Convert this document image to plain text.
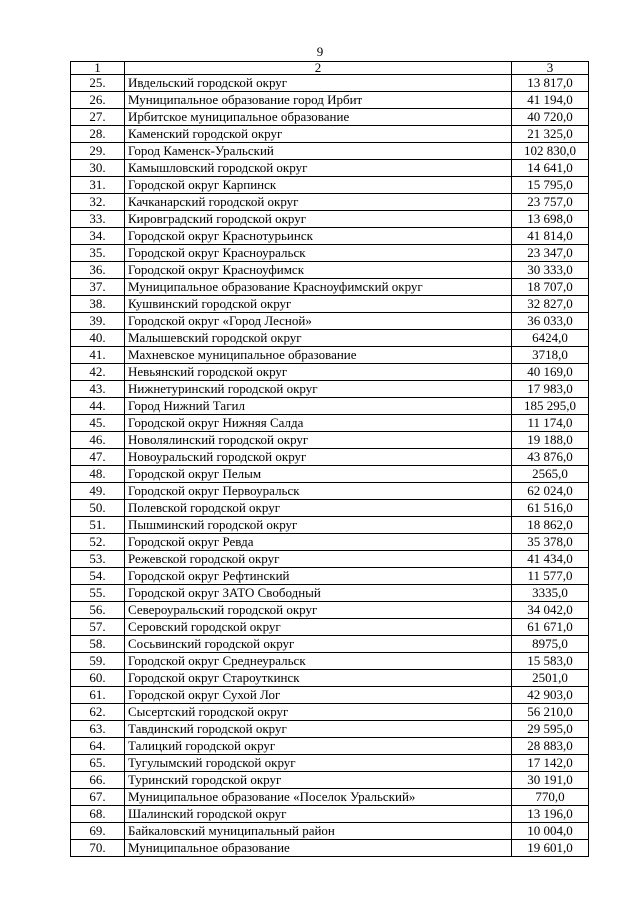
9
1	2	3
25.	Ивдельский городской округ	13 817,0
26.	Муниципальное образование город Ирбит	41 194,0
27.	Ирбитское муниципальное образование	40 720,0
28.	Каменский городской округ	21 325,0
29.	Город Каменск-Уральский	102 830,0
30.	Камышловский городской округ	14 641,0
31.	Городской округ Карпинск	15 795,0
32.	Качканарский городской округ	23 757,0
33.	Кировградский городской округ	13 698,0
34.	Городской округ Краснотурьинск	41 814,0
35.	Городской округ Красноуральск	23 347,0
36.	Городской округ Красноуфимск	30 333,0
37.	Муниципальное образование Красноуфимский округ	18 707,0
38.	Кушвинский городской округ	32 827,0
39.	Городской округ «Город Лесной»	36 033,0
40.	Малышевский городской округ	6424,0
41.	Махневское муниципальное образование	3718,0
42.	Невьянский городской округ	40 169,0
43.	Нижнетуринский городской округ	17 983,0
44.	Город Нижний Тагил	185 295,0
45.	Городской округ Нижняя Салда	11 174,0
46.	Новолялинский городской округ	19 188,0
47.	Новоуральский городской округ	43 876,0
48.	Городской округ Пелым	2565,0
49.	Городской округ Первоуральск	62 024,0
50.	Полевской городской округ	61 516,0
51.	Пышминский городской округ	18 862,0
52.	Городской округ Ревда	35 378,0
53.	Режевской городской округ	41 434,0
54.	Городской округ Рефтинский	11 577,0
55.	Городской округ ЗАТО Свободный	3335,0
56.	Североуральский городской округ	34 042,0
57.	Серовский городской округ	61 671,0
58.	Сосьвинский городской округ	8975,0
59.	Городской округ Среднеуральск	15 583,0
60.	Городской округ Староуткинск	2501,0
61.	Городской округ Сухой Лог	42 903,0
62.	Сысертский городской округ	56 210,0
63.	Тавдинский городской округ	29 595,0
64.	Талицкий городской округ	28 883,0
65.	Тугулымский городской округ	17 142,0
66.	Туринский городской округ	30 191,0
67.	Муниципальное образование «Поселок Уральский»	770,0
68.	Шалинский городской округ	13 196,0
69.	Байкаловский муниципальный район	10 004,0
70.	Муниципальное образование	19 601,0
